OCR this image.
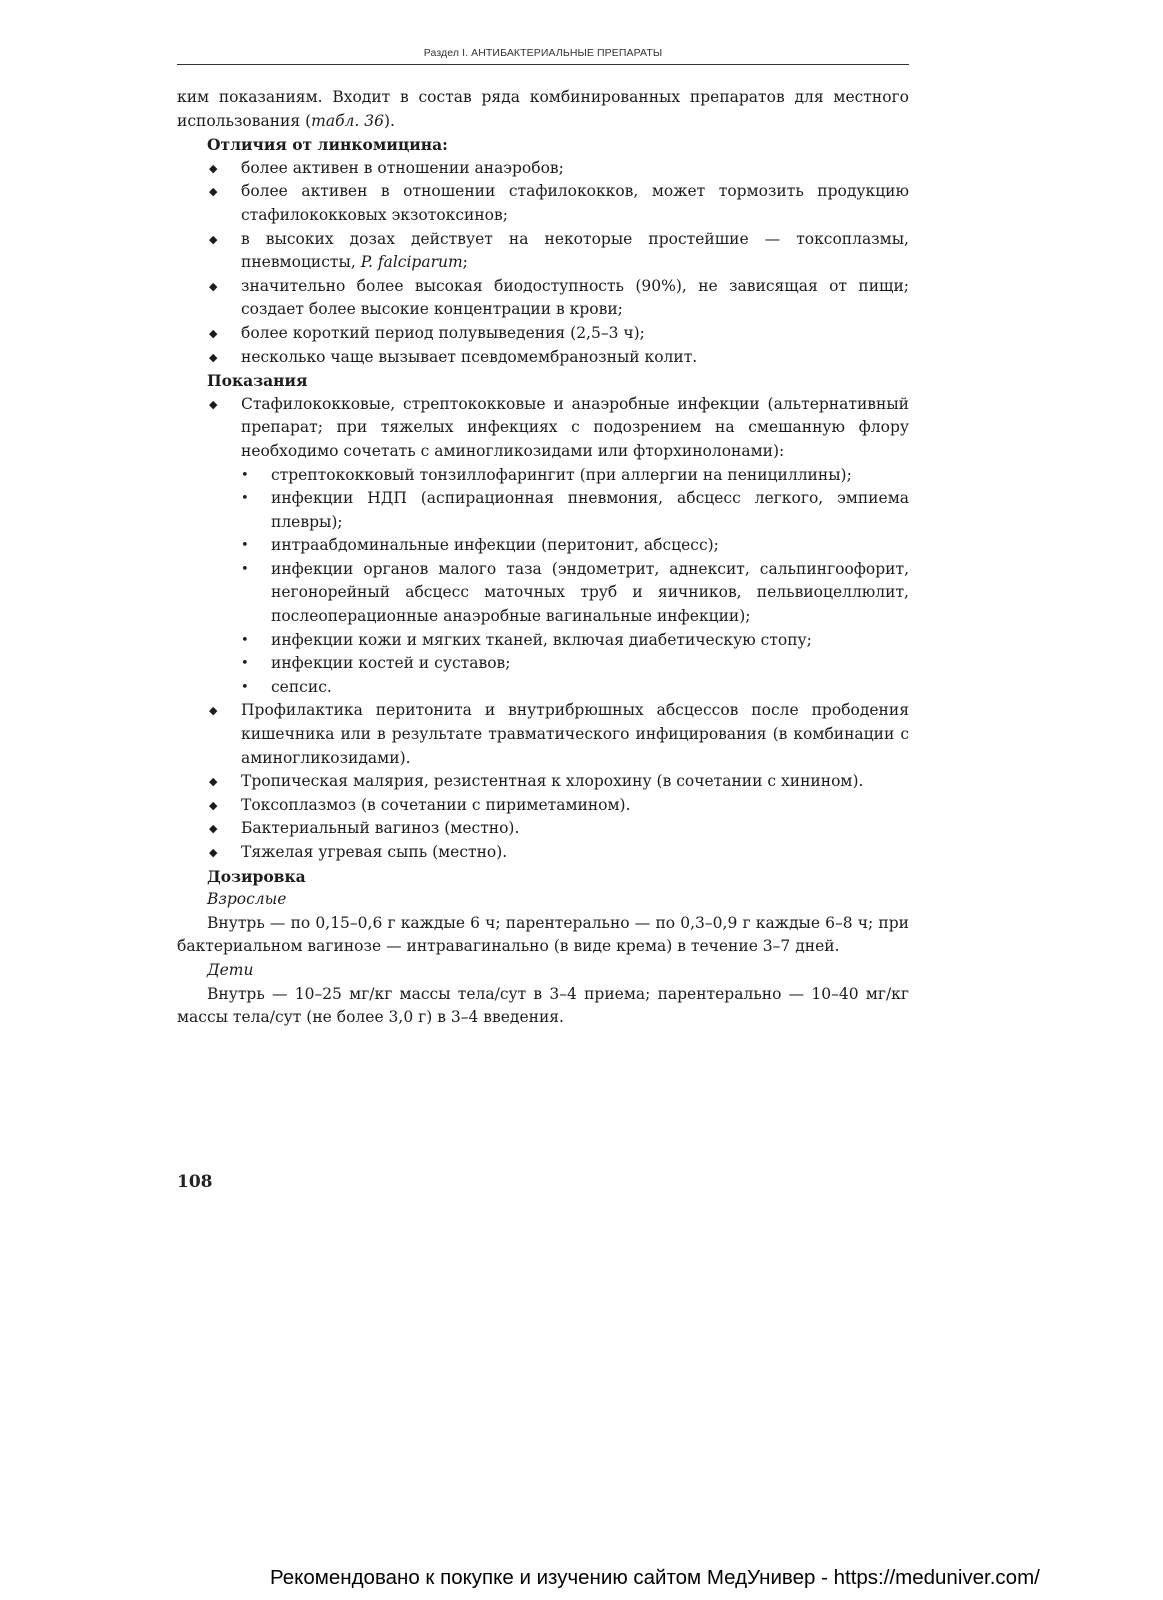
Раздел I. АНТИБАКТЕРИАЛЬНЫЕ ПРЕПАРАТЫ

ким показаниям. Входит в состав ряда комбинированных препаратов для местного использования (табл. 36).

Отличия от линкомицина:

◆ более активен в отношении анаэробов;
◆ более активен в отношении стафилококков, может тормозить продукцию стафилококковых экзотоксинов;
◆ в высоких дозах действует на некоторые простейшие — токсоплазмы, пневмоцисты, P. falciparum;
◆ значительно более высокая биодоступность (90%), не зависящая от пищи; создает более высокие концентрации в крови;
◆ более короткий период полувыведения (2,5–3 ч);
◆ несколько чаще вызывает псевдомембранозный колит.

Показания

◆ Стафилококковые, стрептококковые и анаэробные инфекции (альтернативный препарат; при тяжелых инфекциях с подозрением на смешанную флору необходимо сочетать с аминогликозидами или фторхинолонами):
• стрептококковый тонзиллофарингит (при аллергии на пенициллины);
• инфекции НДП (аспирационная пневмония, абсцесс легкого, эмпиема плевры);
• интраабдоминальные инфекции (перитонит, абсцесс);
• инфекции органов малого таза (эндометрит, аднексит, сальпингоофорит, негонорейный абсцесс маточных труб и яичников, пельвиоцеллюлит, послеоперационные анаэробные вагинальные инфекции);
• инфекции кожи и мягких тканей, включая диабетическую стопу;
• инфекции костей и суставов;
• сепсис.
◆ Профилактика перитонита и внутрибрюшных абсцессов после прободения кишечника или в результате травматического инфицирования (в комбинации с аминогликозидами).
◆ Тропическая малярия, резистентная к хлорохину (в сочетании с хинином).
◆ Токсоплазмоз (в сочетании с пириметамином).
◆ Бактериальный вагиноз (местно).
◆ Тяжелая угревая сыпь (местно).

Дозировка

Взрослые

Внутрь — по 0,15–0,6 г каждые 6 ч; парентерально — по 0,3–0,9 г каждые 6–8 ч; при бактериальном вагинозе — интравагинально (в виде крема) в течение 3–7 дней.

Дети

Внутрь — 10–25 мг/кг массы тела/сут в 3–4 приема; парентерально — 10–40 мг/кг массы тела/сут (не более 3,0 г) в 3–4 введения.

108
Рекомендовано к покупке и изучению сайтом МедУнивер - https://meduniver.com/
